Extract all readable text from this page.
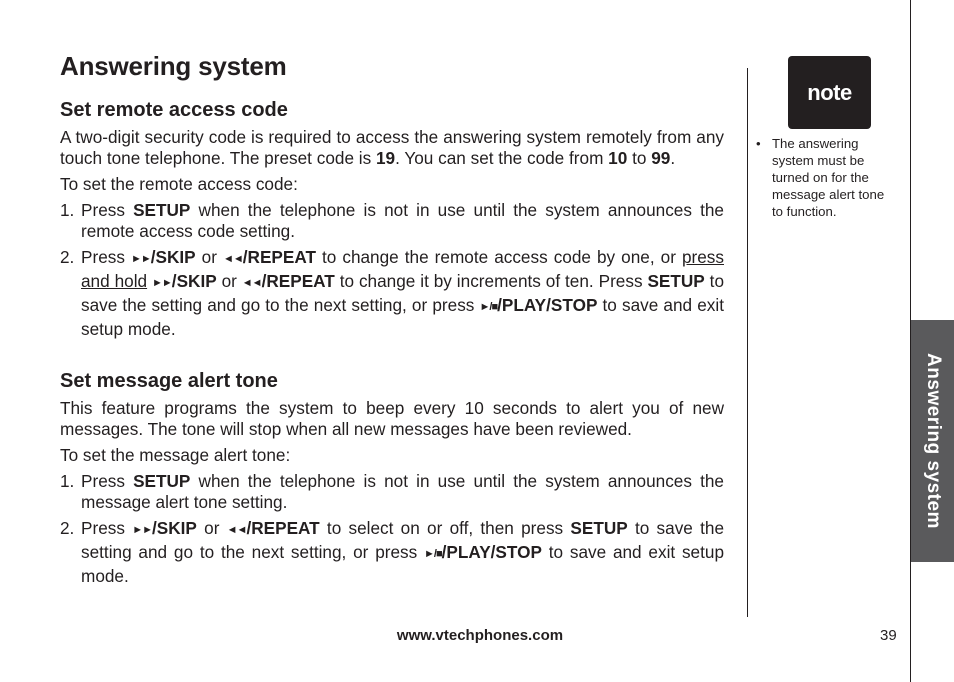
Answering system
Set remote access code

A two-digit security code is required to access the answering system remotely from any touch tone telephone. The preset code is 19. You can set the code from 10 to 99.

To set the remote access code:

1. Press SETUP when the telephone is not in use until the system announces the remote access code setting.
2. Press ►►/SKIP or ◄◄/REPEAT to change the remote access code by one, or press and hold ►►/SKIP or ◄◄/REPEAT to change it by increments of ten. Press SETUP to save the setting and go to the next setting, or press ►/■/PLAY/STOP to save and exit setup mode.
Set message alert tone

This feature programs the system to beep every 10 seconds to alert you of new messages. The tone will stop when all new messages have been reviewed.

To set the message alert tone:

1. Press SETUP when the telephone is not in use until the system announces the message alert tone setting.
2. Press ►►/SKIP or ◄◄/REPEAT to select on or off, then press SETUP to save the setting and go to the next setting, or press ►/■/PLAY/STOP to save and exit setup mode.
note
• The answering system must be turned on for the message alert tone to function.
Answering system
www.vtechphones.com	39
